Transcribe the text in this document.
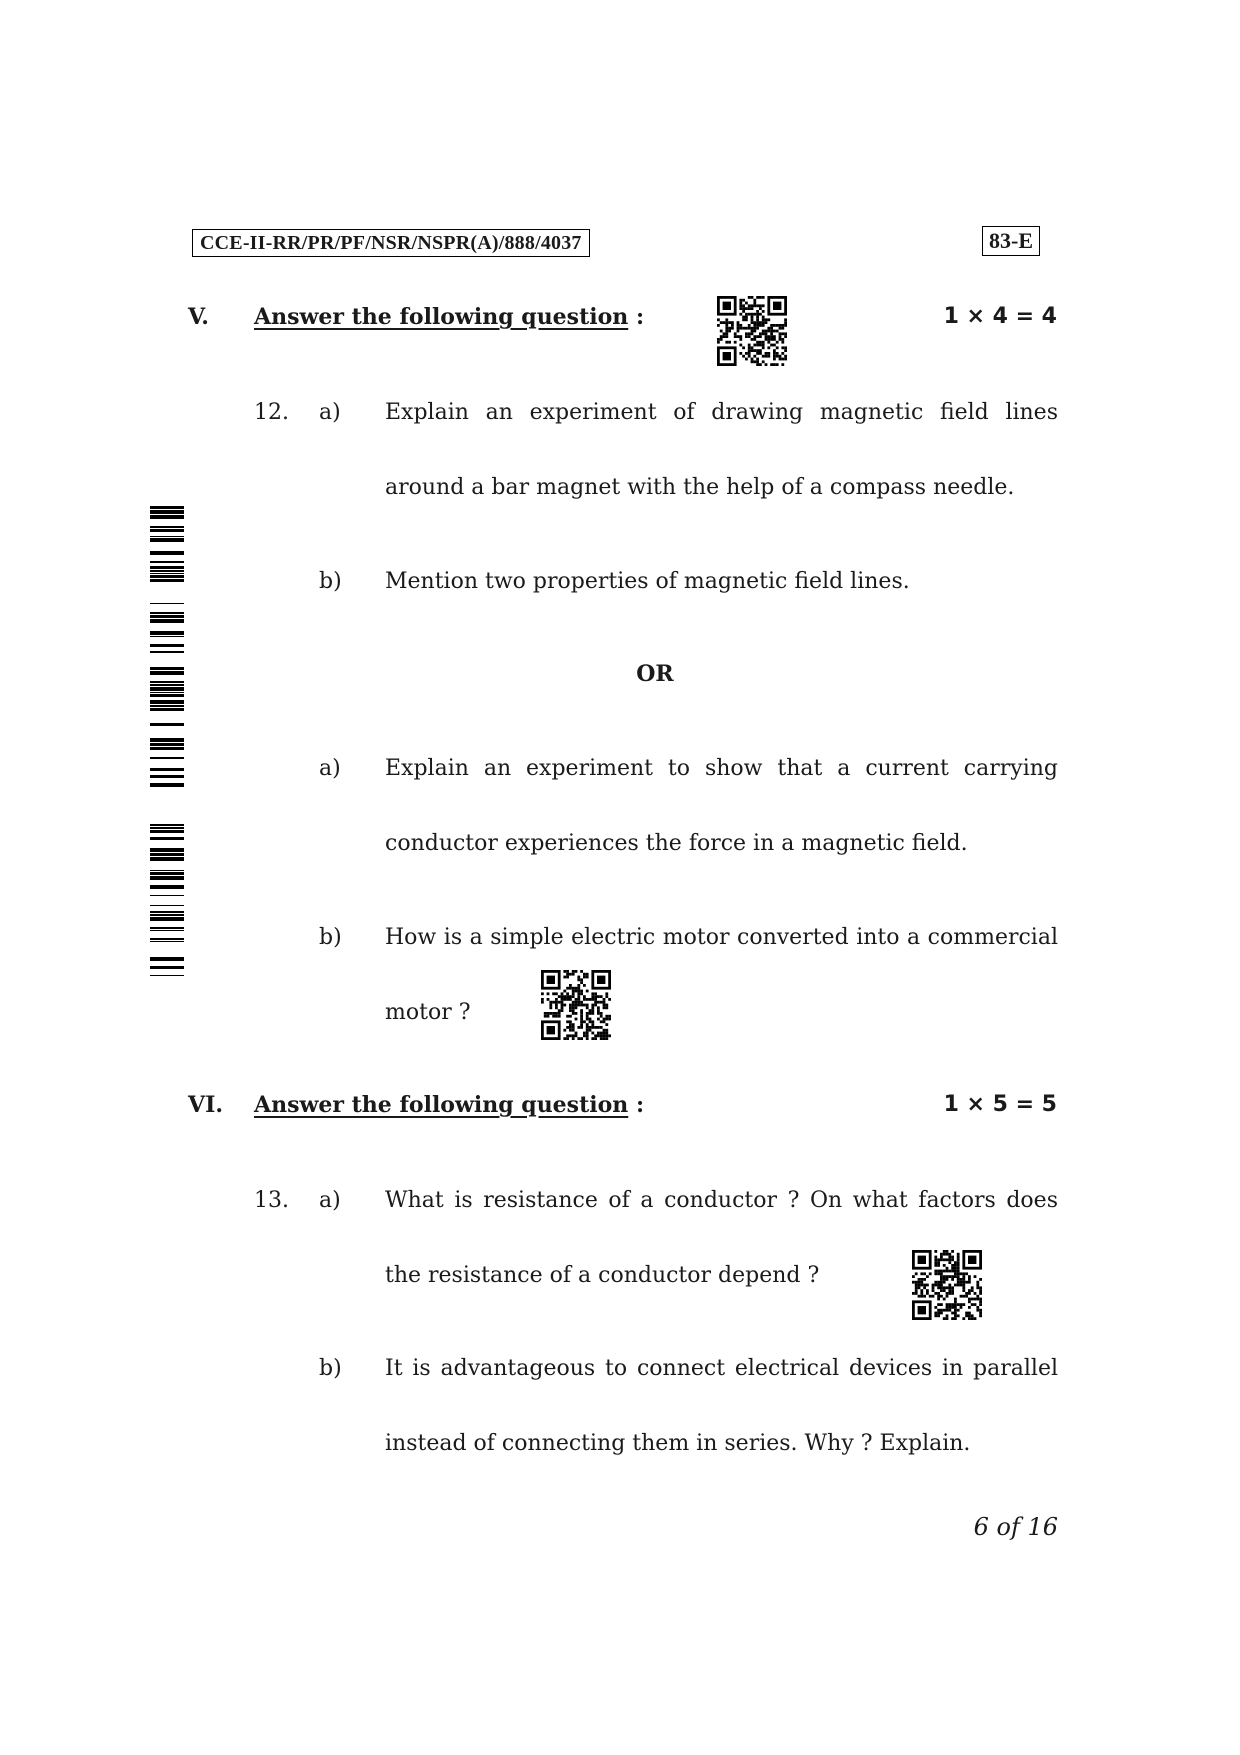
CCE-II-RR/PR/PF/NSR/NSPR(A)/888/4037	83-E
V. Answer the following question :	1 × 4 = 4
12. a) Explain an experiment of drawing magnetic field lines
around a bar magnet with the help of a compass needle.
b) Mention two properties of magnetic field lines.
OR
a) Explain an experiment to show that a current carrying
conductor experiences the force in a magnetic field.
b) How is a simple electric motor converted into a commercial
motor ?
VI. Answer the following question :	1 × 5 = 5
13. a) What is resistance of a conductor ? On what factors does
the resistance of a conductor depend ?
b) It is advantageous to connect electrical devices in parallel
instead of connecting them in series. Why ? Explain.
6 of 16
